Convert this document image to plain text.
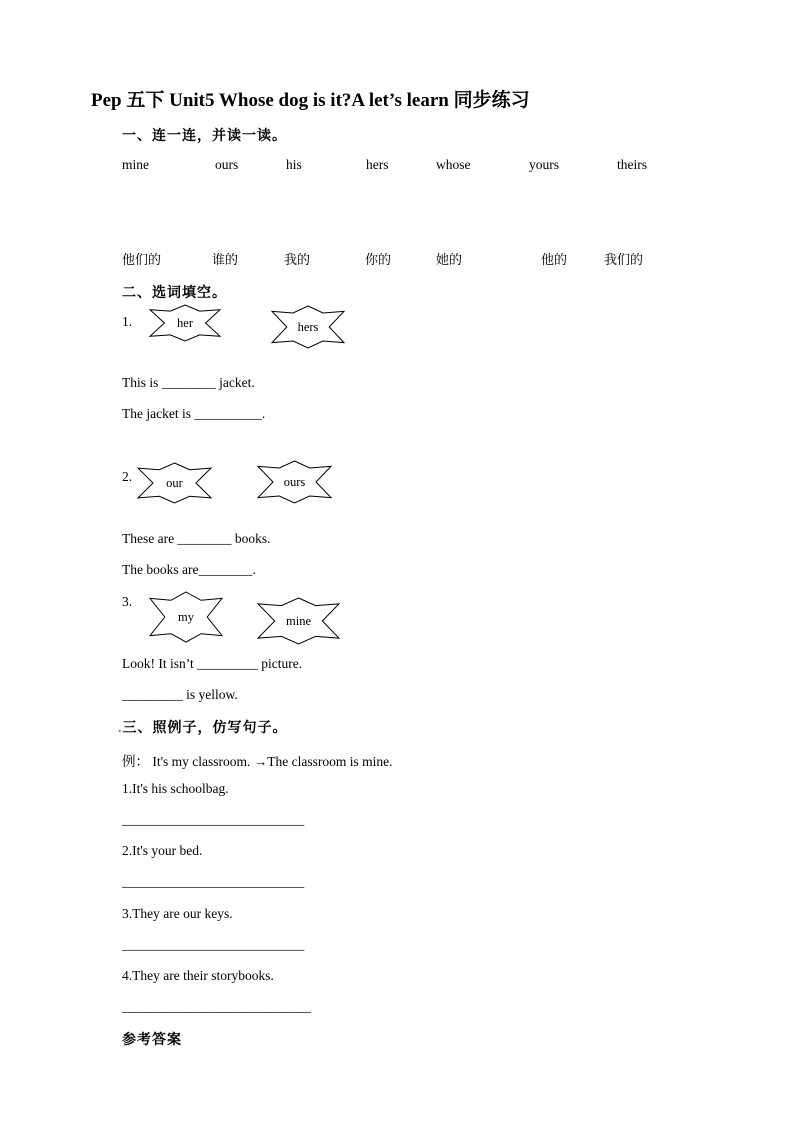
Pep 五下 Unit5 Whose dog is it?A let’s learn 同步练习
一、连一连，并读一读。
mine	ours	his	hers	whose	yours	theirs
他们的	谁的	我的	你的	她的	他的	我们的
二、选词填空。
1.	her	hers
This is ________ jacket.
The jacket is __________.
2.	our	ours
These are ________ books.
The books are________.
3.
my	mine
Look! It isn’t _________ picture.
_________ is yellow.
.三、照例子，仿写句子。
例： It's my classroom. →The classroom is mine.
1.It's his schoolbag.
___________________________
2.It's your bed.
___________________________
3.They are our keys.
___________________________
4.They are their storybooks.
____________________________
参考答案
